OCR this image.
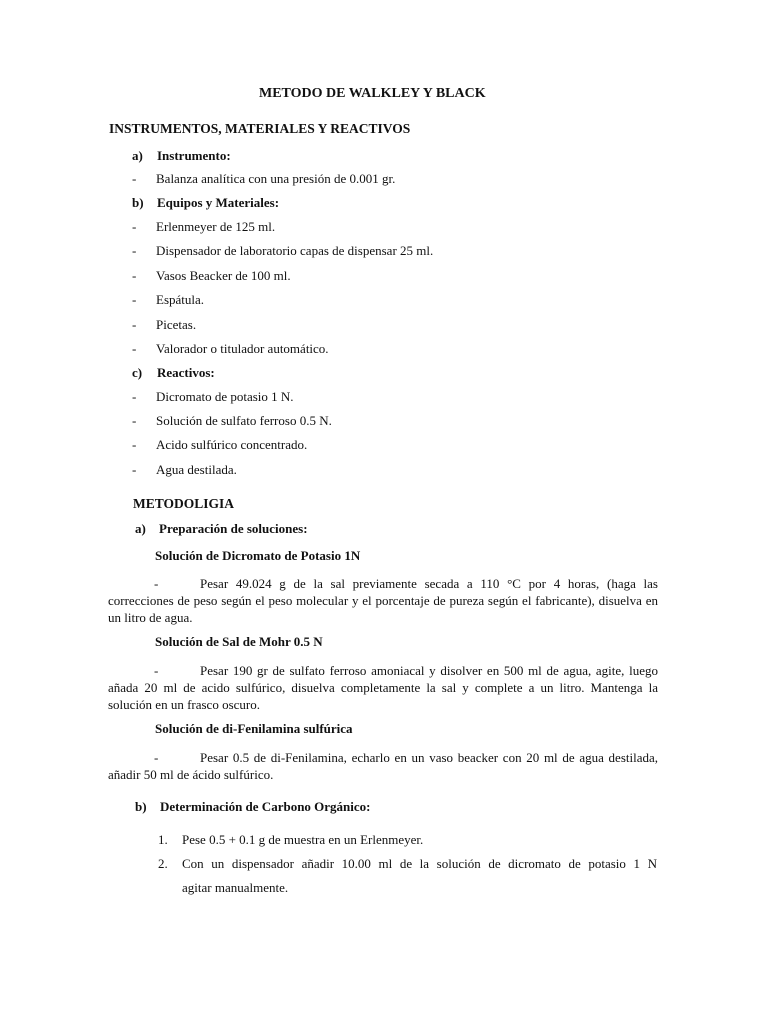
METODO DE WALKLEY Y BLACK
INSTRUMENTOS, MATERIALES Y REACTIVOS
a) Instrumento:
- Balanza analítica con una presión de 0.001 gr.
b) Equipos y Materiales:
- Erlenmeyer de 125 ml.
- Dispensador de laboratorio capas de dispensar 25 ml.
- Vasos Beacker de 100 ml.
- Espátula.
- Picetas.
- Valorador o titulador automático.
c) Reactivos:
- Dicromato de potasio 1 N.
- Solución de sulfato ferroso 0.5 N.
- Acido sulfúrico concentrado.
- Agua destilada.
METODOLIGIA
a) Preparación de soluciones:
Solución de Dicromato de Potasio 1N
-	Pesar 49.024 g de la sal previamente secada a 110 °C por 4 horas, (haga las correcciones de peso según el peso molecular y el porcentaje de pureza según el fabricante), disuelva en un litro de agua.
Solución de Sal de Mohr 0.5 N
-	Pesar 190 gr de sulfato ferroso amoniacal y disolver en 500 ml de agua, agite, luego añada 20 ml de acido sulfúrico, disuelva completamente la sal y complete a un litro. Mantenga la solución en un frasco oscuro.
Solución de di-Fenilamina sulfúrica
-	Pesar 0.5 de di-Fenilamina, echarlo en un vaso beacker con 20 ml de agua destilada, añadir 50 ml de ácido sulfúrico.
b) Determinación de Carbono Orgánico:
1. Pese 0.5 + 0.1 g de muestra en un Erlenmeyer.
2. Con un dispensador añadir 10.00 ml de la solución de dicromato de potasio 1 N
agitar manualmente.
